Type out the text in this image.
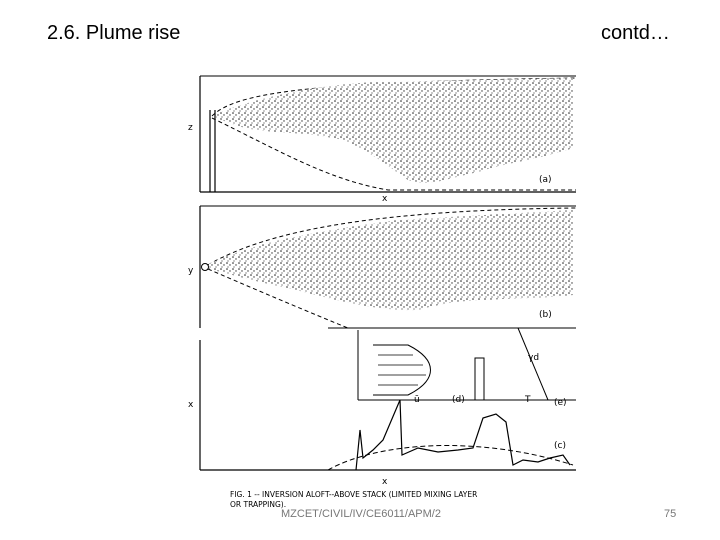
2.6. Plume rise	contd…
z
(a)
x
y
(b)
x	ū	T
γd
(d)	(e)
(c)
x
FIG. 1 -- INVERSION ALOFT--ABOVE STACK (LIMITED MIXING LAYER
OR TRAPPING).
MZCET/CIVIL/IV/CE6011/APM/2	75
